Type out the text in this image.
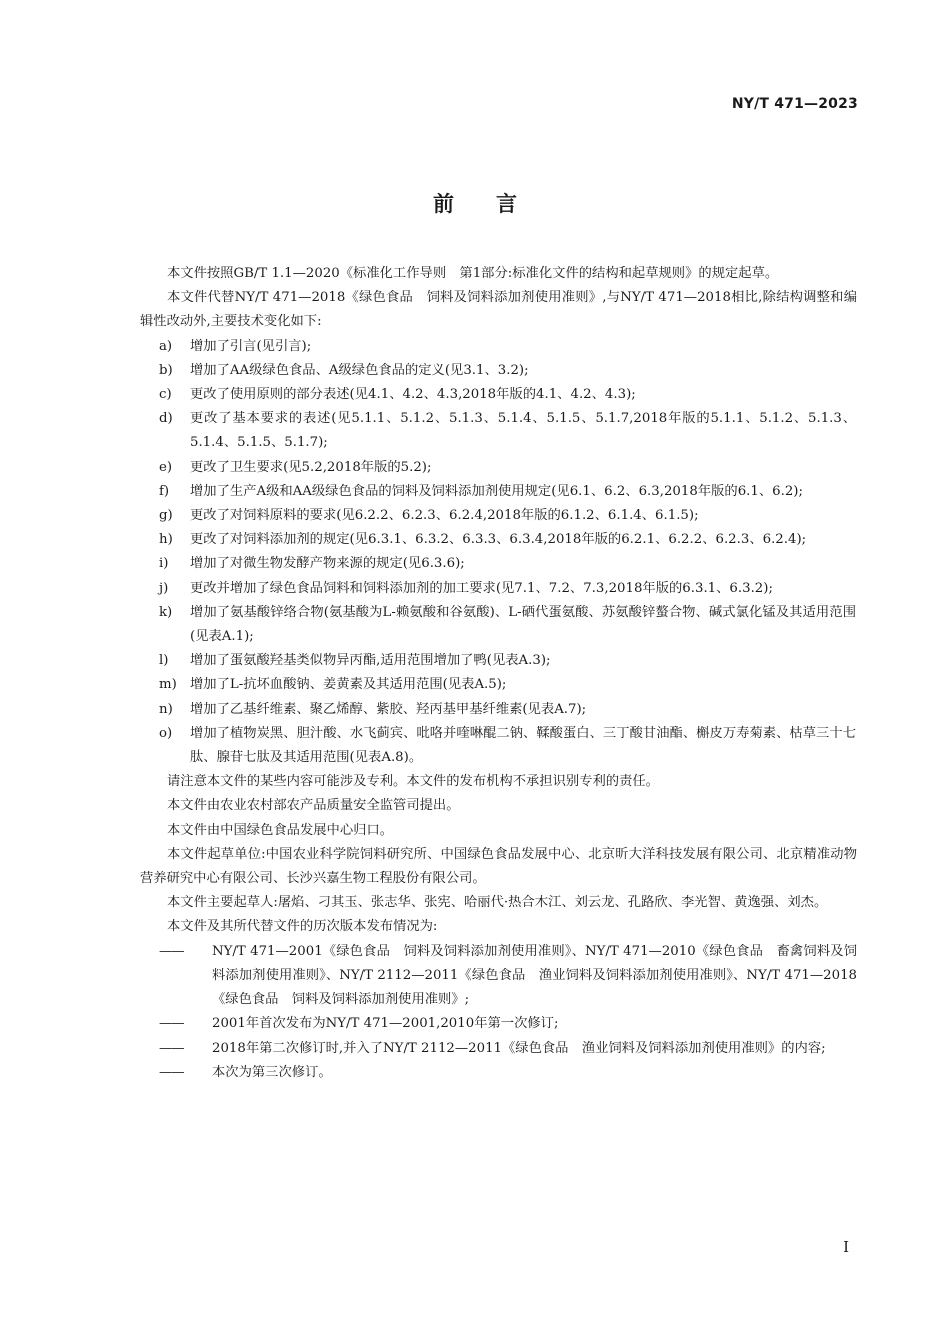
NY/T 471—2023
前言

本文件按照GB/T 1.1—2020《标准化工作导则　第1部分:标准化文件的结构和起草规则》的规定起草。

本文件代替NY/T 471—2018《绿色食品　饲料及饲料添加剂使用准则》,与NY/T 471—2018相比,除结构调整和编辑性改动外,主要技术变化如下:

a)	增加了引言(见引言);
b)	增加了AA级绿色食品、A级绿色食品的定义(见3.1、3.2);
c)	更改了使用原则的部分表述(见4.1、4.2、4.3,2018年版的4.1、4.2、4.3);
d)	更改了基本要求的表述(见5.1.1、5.1.2、5.1.3、5.1.4、5.1.5、5.1.7,2018年版的5.1.1、5.1.2、5.1.3、5.1.4、5.1.5、5.1.7);
e)	更改了卫生要求(见5.2,2018年版的5.2);
f)	增加了生产A级和AA级绿色食品的饲料及饲料添加剂使用规定(见6.1、6.2、6.3,2018年版的6.1、6.2);
g)	更改了对饲料原料的要求(见6.2.2、6.2.3、6.2.4,2018年版的6.1.2、6.1.4、6.1.5);
h)	更改了对饲料添加剂的规定(见6.3.1、6.3.2、6.3.3、6.3.4,2018年版的6.2.1、6.2.2、6.2.3、6.2.4);
i)	增加了对微生物发酵产物来源的规定(见6.3.6);
j)	更改并增加了绿色食品饲料和饲料添加剂的加工要求(见7.1、7.2、7.3,2018年版的6.3.1、6.3.2);
k)	增加了氨基酸锌络合物(氨基酸为L-赖氨酸和谷氨酸)、L-硒代蛋氨酸、苏氨酸锌螯合物、碱式氯化锰及其适用范围(见表A.1);
l)	增加了蛋氨酸羟基类似物异丙酯,适用范围增加了鸭(见表A.3);
m) 增加了L-抗坏血酸钠、姜黄素及其适用范围(见表A.5);
n)	增加了乙基纤维素、聚乙烯醇、紫胶、羟丙基甲基纤维素(见表A.7);
o)	增加了植物炭黑、胆汁酸、水飞蓟宾、吡咯并喹啉醌二钠、鞣酸蛋白、三丁酸甘油酯、槲皮万寿菊素、枯草三十七肽、腺苷七肽及其适用范围(见表A.8)。

请注意本文件的某些内容可能涉及专利。本文件的发布机构不承担识别专利的责任。

本文件由农业农村部农产品质量安全监管司提出。

本文件由中国绿色食品发展中心归口。

本文件起草单位:中国农业科学院饲料研究所、中国绿色食品发展中心、北京昕大洋科技发展有限公司、北京精准动物营养研究中心有限公司、长沙兴嘉生物工程股份有限公司。

本文件主要起草人:屠焰、刁其玉、张志华、张宪、哈丽代·热合木江、刘云龙、孔路欣、李光智、黄逸强、刘杰。

本文件及其所代替文件的历次版本发布情况为:

——	NY/T 471—2001《绿色食品　饲料及饲料添加剂使用准则》、NY/T 471—2010《绿色食品　畜禽饲料及饲料添加剂使用准则》、NY/T 2112—2011《绿色食品　渔业饲料及饲料添加剂使用准则》、NY/T 471—2018《绿色食品　饲料及饲料添加剂使用准则》;
——	2001年首次发布为NY/T 471—2001,2010年第一次修订;
——	2018年第二次修订时,并入了NY/T 2112—2011《绿色食品　渔业饲料及饲料添加剂使用准则》的内容;
——	本次为第三次修订。
I
